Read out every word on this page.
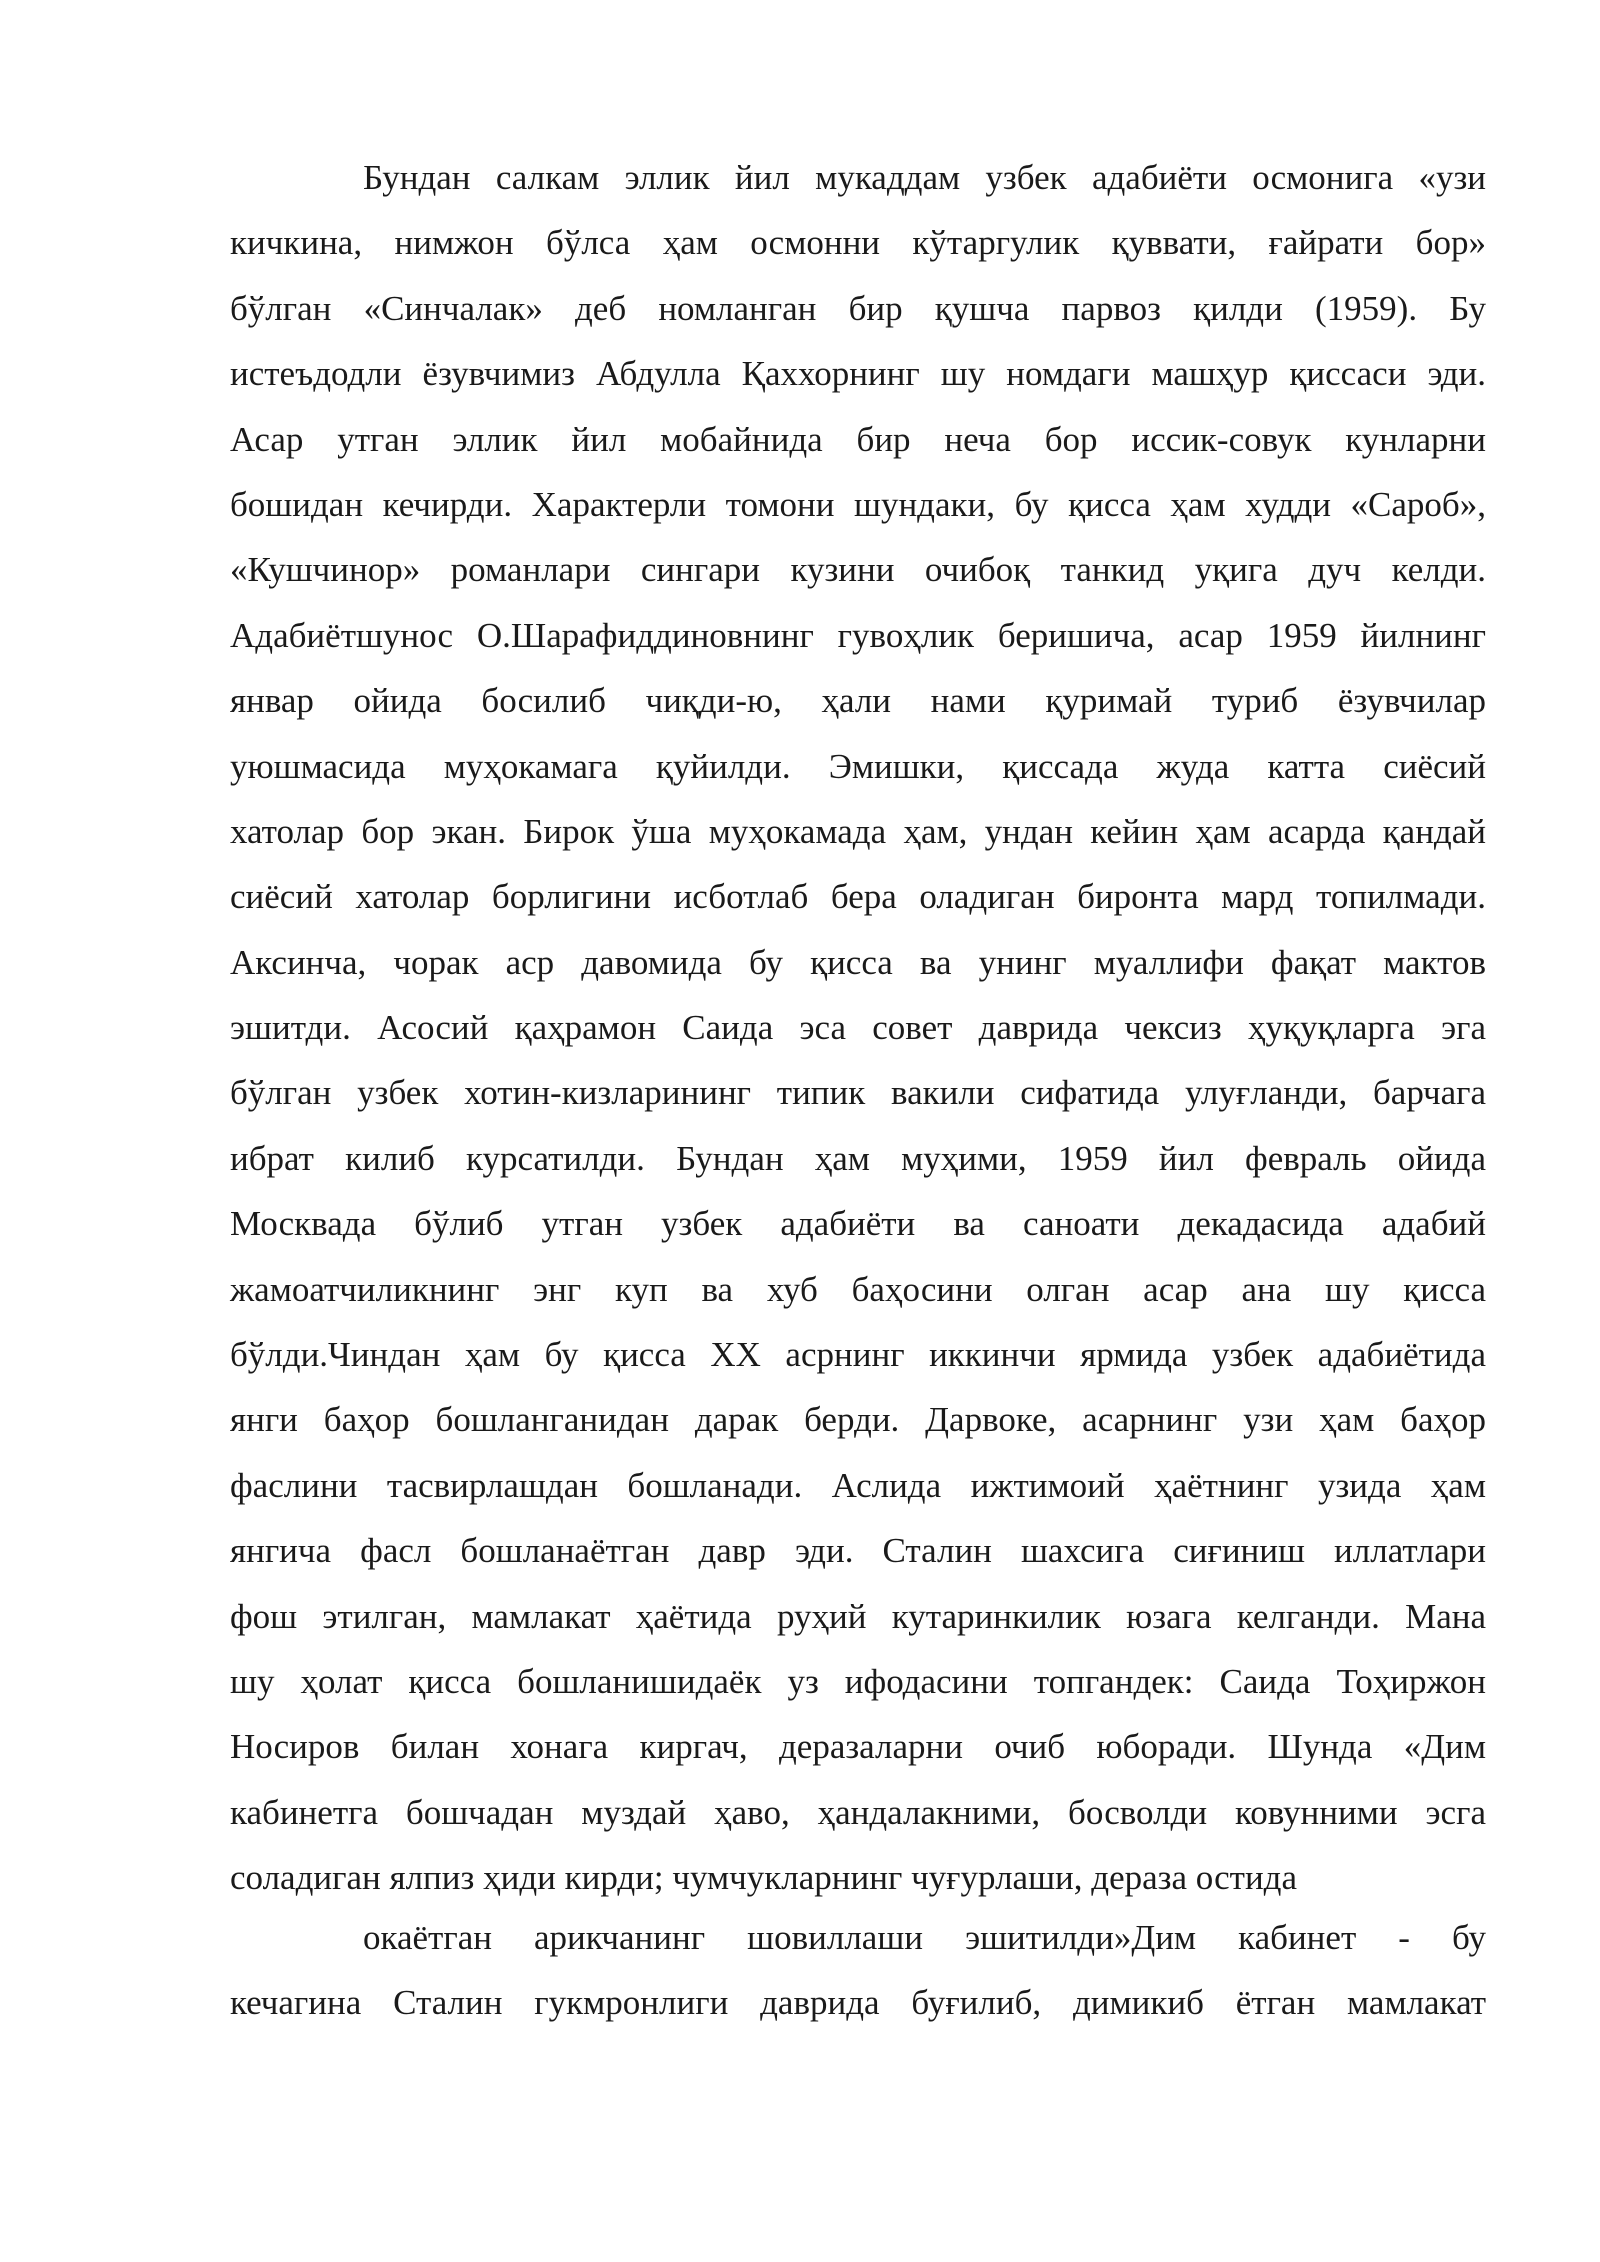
Бундан салкам эллик йил мукаддам узбек адабиёти осмонига «узи
кичкина, нимжон бўлса ҳам осмонни кўтаргулик қуввати, ғайрати бор»
бўлган «Синчалак» деб номланган бир қушча парвоз қилди (1959). Бу
истеъдодли ёзувчимиз Абдулла Қаххорнинг шу номдаги машҳур қиссаси эди.
Асар утган эллик йил мобайнида бир неча бор иссик-совук кунларни
бошидан кечирди. Характерли томони шундаки, бу қисса ҳам худди «Сароб»,
«Кушчинор» романлари сингари кузини очибоқ танкид уқига дуч келди.
Адабиётшунос О.Шарафиддиновнинг гувоҳлик беришича, асар 1959 йилнинг
январ ойида босилиб чиқди-ю, ҳали нами қуримай туриб ёзувчилар
уюшмасида муҳокамага қуйилди. Эмишки, қиссада жуда катта сиёсий
хатолар бор экан. Бирок ўша муҳокамада ҳам, ундан кейин ҳам асарда қандай
сиёсий хатолар борлигини исботлаб бера оладиган биронта мард топилмади.
Аксинча, чорак аср давомида бу қисса ва унинг муаллифи фақат мактов
эшитди. Асосий қаҳрамон Саида эса совет даврида чексиз ҳуқуқларга эга
бўлган узбек хотин-кизларининг типик вакили сифатида улуғланди, барчага
ибрат килиб курсатилди. Бундан ҳам муҳими, 1959 йил февраль ойида
Москвада бўлиб утган узбек адабиёти ва саноати декадасида адабий
жамоатчиликнинг энг куп ва хуб баҳосини олган асар ана шу қисса
бўлди.Чиндан ҳам бу қисса XX асрнинг иккинчи ярмида узбек адабиётида
янги баҳор бошланганидан дарак берди. Дарвоке, асарнинг узи ҳам баҳор
фаслини тасвирлашдан бошланади. Аслида ижтимоий ҳаётнинг узида ҳам
янгича фасл бошланаётган давр эди. Сталин шахсига сиғиниш иллатлари
фош этилган, мамлакат ҳаётида руҳий кутаринкилик юзага келганди. Мана
шу ҳолат қисса бошланишидаёк уз ифодасини топгандек: Саида Тоҳиржон
Носиров билан хонага киргач, деразаларни очиб юборади. Шунда «Дим
кабинетга бошчадан муздай ҳаво, ҳандалакними, босволди ковунними эсга
соладиган ялпиз ҳиди кирди; чумчукларнинг чуғурлаши, дераза остида
окаётган арикчанинг шовиллаши эшитилди»Дим кабинет - бу
кечагина Сталин гукмронлиги даврида буғилиб, димикиб ётган мамлакат
